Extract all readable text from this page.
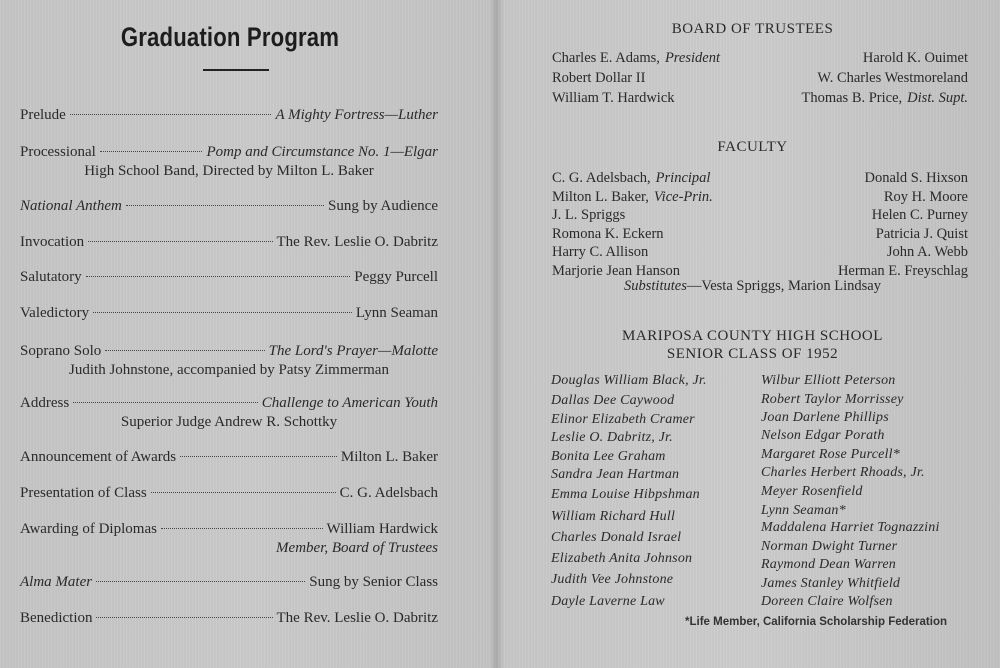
Graduation Program
Prelude	A Mighty Fortress—Luther
Processional	Pomp and Circumstance No. 1—Elgar
High School Band, Directed by Milton L. Baker
National Anthem	Sung by Audience
Invocation	The Rev. Leslie O. Dabritz
Salutatory	Peggy Purcell
Valedictory	Lynn Seaman
Soprano Solo	The Lord's Prayer—Malotte
Judith Johnstone, accompanied by Patsy Zimmerman
Address	Challenge to American Youth
Superior Judge Andrew R. Schottky
Announcement of Awards	Milton L. Baker
Presentation of Class	C. G. Adelsbach
Awarding of Diplomas	William Hardwick
Member, Board of Trustees
Alma Mater	Sung by Senior Class
Benediction	The Rev. Leslie O. Dabritz
BOARD OF TRUSTEES
Charles E. Adams, President	Harold K. Ouimet
Robert Dollar II	W. Charles Westmoreland
William T. Hardwick	Thomas B. Price, Dist. Supt.
FACULTY
C. G. Adelsbach, Principal	Donald S. Hixson
Milton L. Baker, Vice-Prin.	Roy H. Moore
J. L. Spriggs	Helen C. Purney
Romona K. Eckern	Patricia J. Quist
Harry C. Allison	John A. Webb
Marjorie Jean Hanson	Herman E. Freyschlag
Substitutes—Vesta Spriggs, Marion Lindsay
MARIPOSA COUNTY HIGH SCHOOL
SENIOR CLASS OF 1952
Douglas William Black, Jr.
Dallas Dee Caywood
Elinor Elizabeth Cramer
Leslie O. Dabritz, Jr.
Bonita Lee Graham
Sandra Jean Hartman
Emma Louise Hibpshman
William Richard Hull
Charles Donald Israel
Elizabeth Anita Johnson
Judith Vee Johnstone
Dayle Laverne Law
Wilbur Elliott Peterson
Robert Taylor Morrissey
Joan Darlene Phillips
Nelson Edgar Porath
Margaret Rose Purcell*
Charles Herbert Rhoads, Jr.
Meyer Rosenfield
Lynn Seaman*
Maddalena Harriet Tognazzini
Norman Dwight Turner
Raymond Dean Warren
James Stanley Whitfield
Doreen Claire Wolfsen
*Life Member, California Scholarship Federation
